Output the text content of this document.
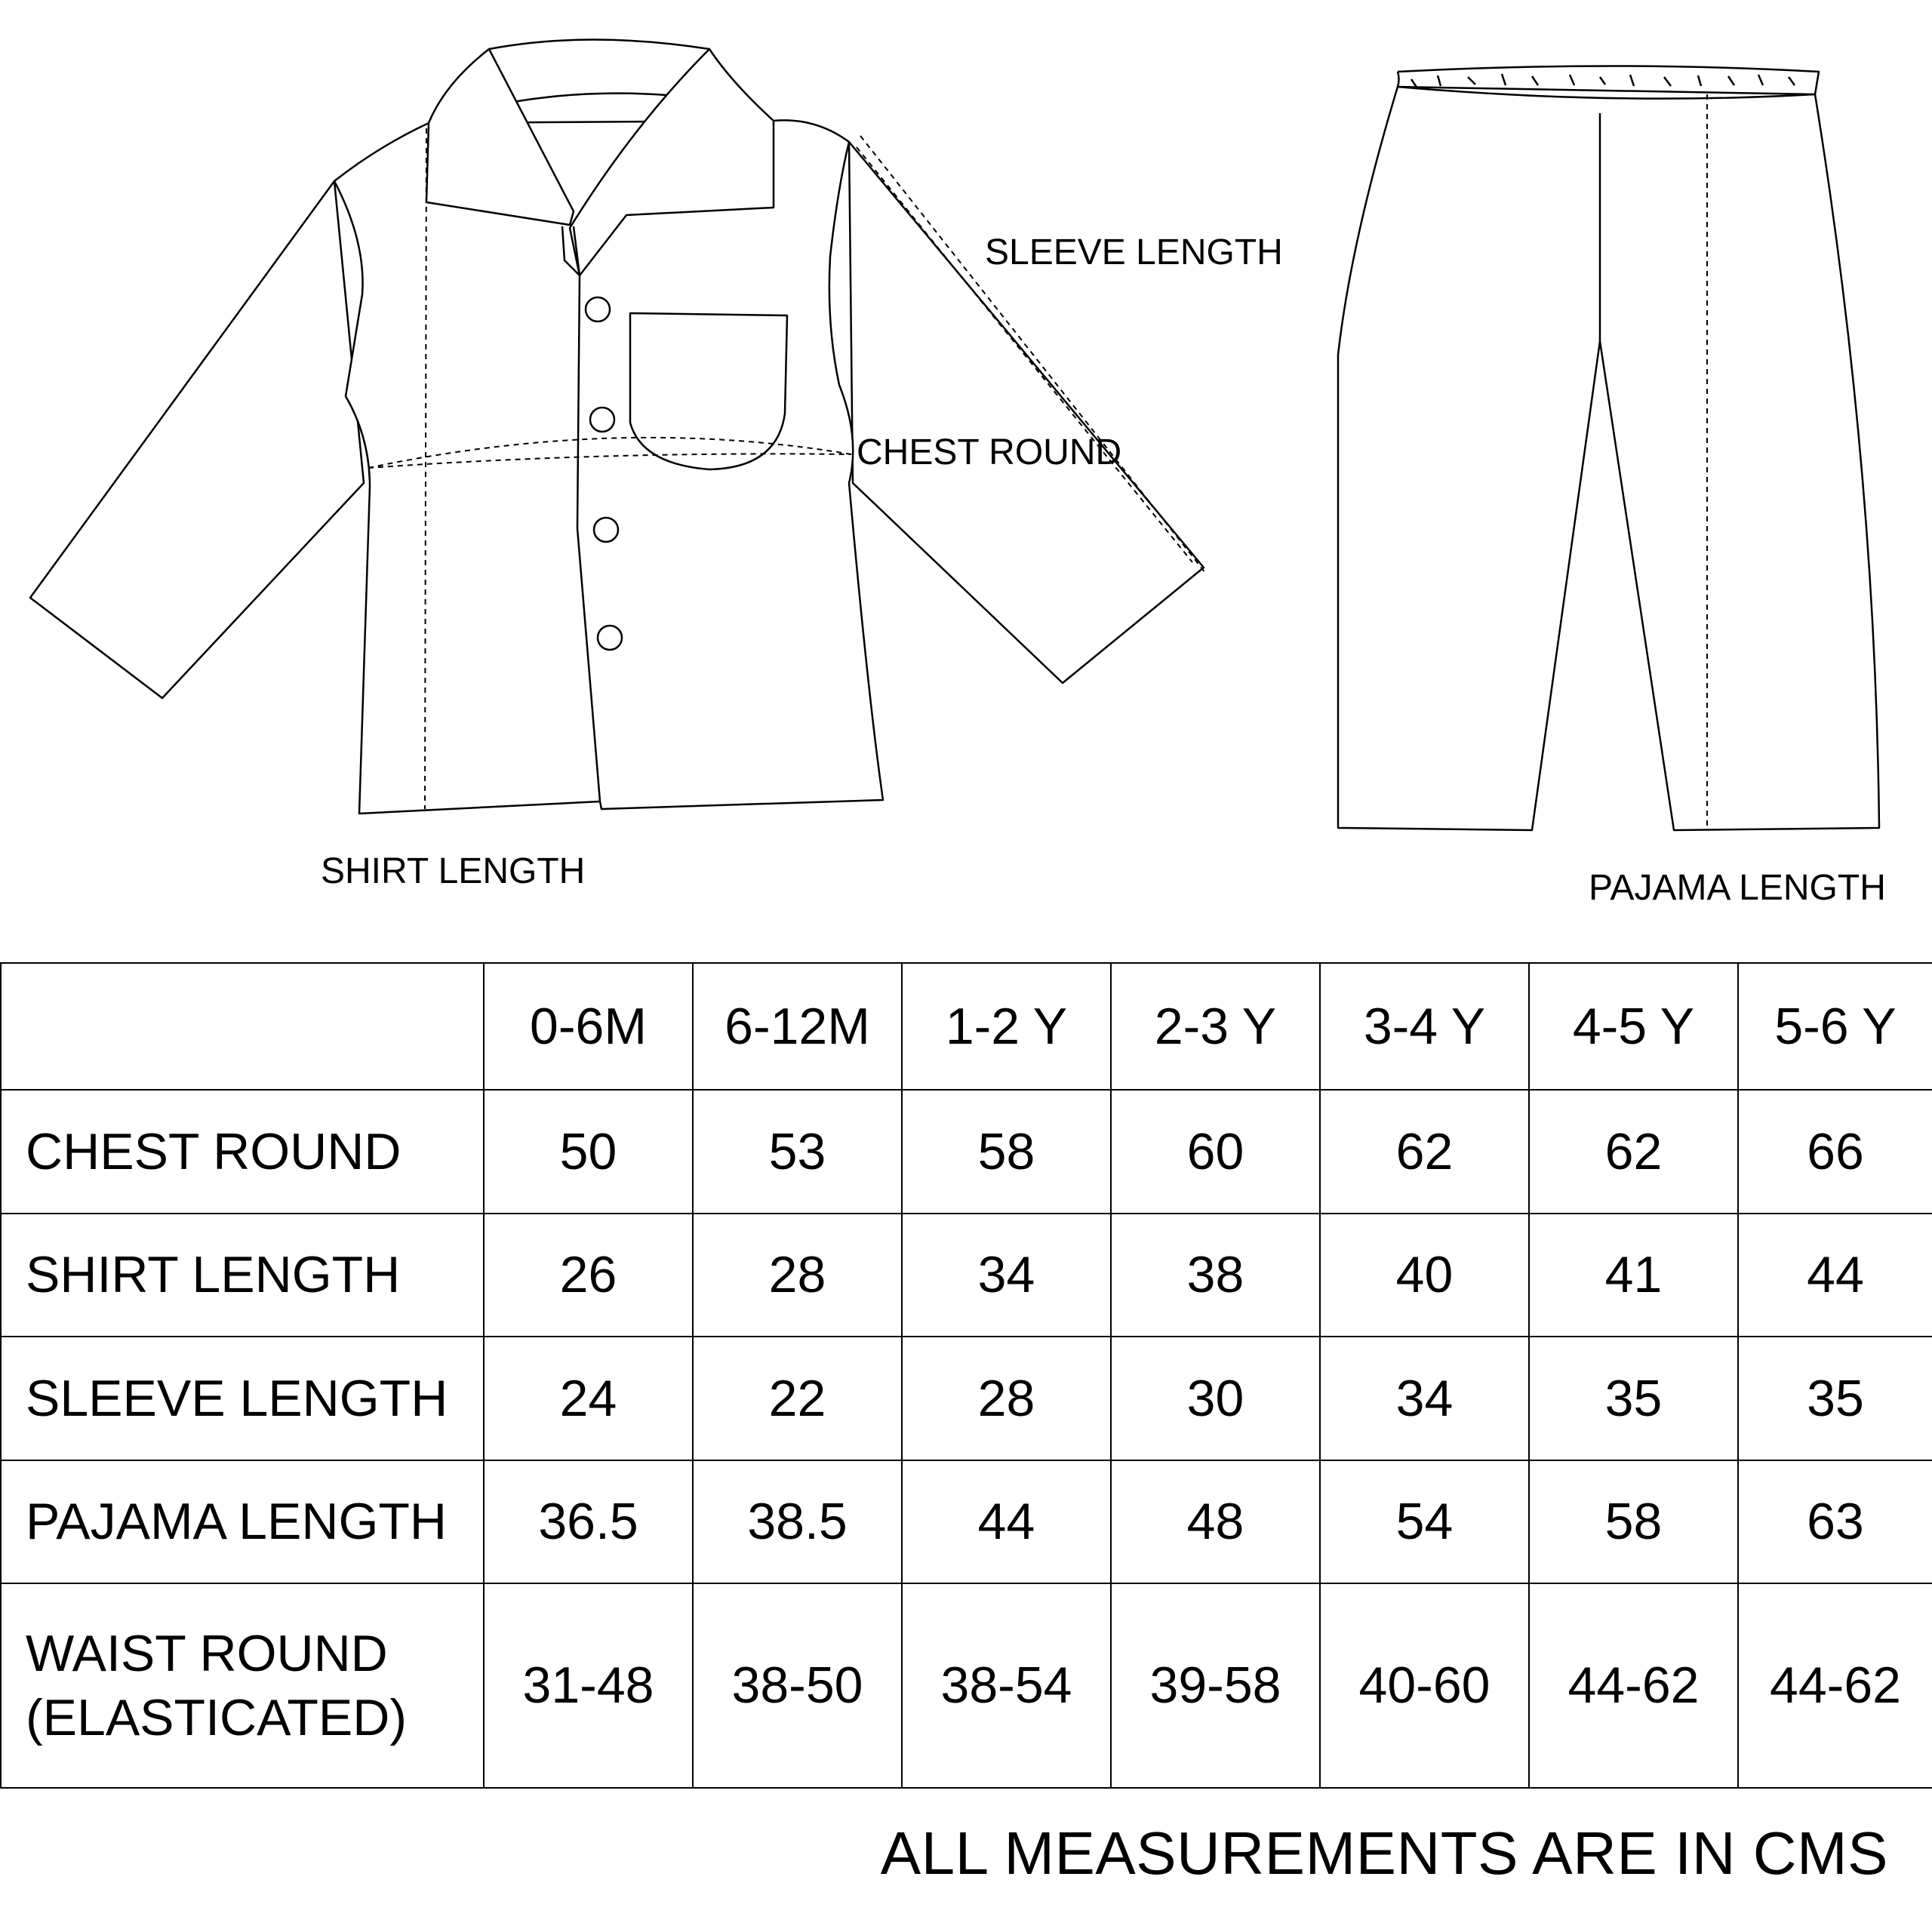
SLEEVE LENGTH
CHEST ROUND
SHIRT LENGTH	PAJAMA LENGTH
	0-6M	6-12M	1-2 Y	2-3 Y	3-4 Y	4-5 Y	5-6 Y
CHEST ROUND	50	53	58	60	62	62	66
SHIRT LENGTH	26	28	34	38	40	41	44
SLEEVE LENGTH	24	22	28	30	34	35	35
PAJAMA LENGTH	36.5	38.5	44	48	54	58	63
WAIST ROUND
(ELASTICATED)	31-48	38-50	38-54	39-58	40-60	44-62	44-62
ALL MEASUREMENTS ARE IN CMS
